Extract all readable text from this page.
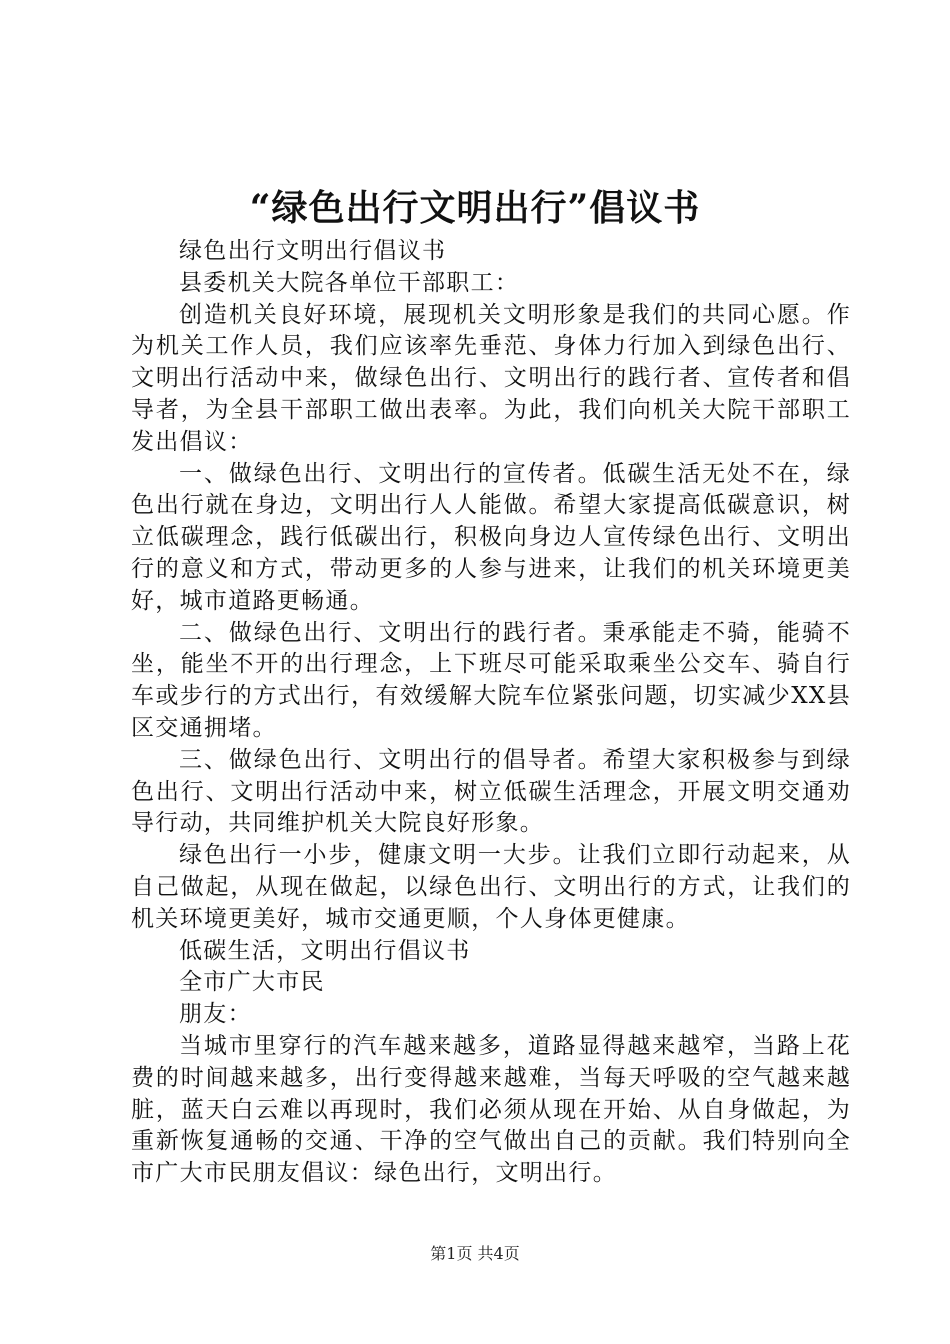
“绿色出行文明出行”倡议书

绿色出行文明出行倡议书

县委机关大院各单位干部职工：

创造机关良好环境，展现机关文明形象是我们的共同心愿。作为机关工作人员，我们应该率先垂范、身体力行加入到绿色出行、文明出行活动中来，做绿色出行、文明出行的践行者、宣传者和倡导者，为全县干部职工做出表率。为此，我们向机关大院干部职工发出倡议：

一、做绿色出行、文明出行的宣传者。低碳生活无处不在，绿色出行就在身边，文明出行人人能做。希望大家提高低碳意识，树立低碳理念，践行低碳出行，积极向身边人宣传绿色出行、文明出行的意义和方式，带动更多的人参与进来，让我们的机关环境更美好，城市道路更畅通。

二、做绿色出行、文明出行的践行者。秉承能走不骑，能骑不坐，能坐不开的出行理念，上下班尽可能采取乘坐公交车、骑自行车或步行的方式出行，有效缓解大院车位紧张问题，切实减少XX县区交通拥堵。

三、做绿色出行、文明出行的倡导者。希望大家积极参与到绿色出行、文明出行活动中来，树立低碳生活理念，开展文明交通劝导行动，共同维护机关大院良好形象。

绿色出行一小步，健康文明一大步。让我们立即行动起来，从自己做起，从现在做起，以绿色出行、文明出行的方式，让我们的机关环境更美好，城市交通更顺，个人身体更健康。

低碳生活，文明出行倡议书

全市广大市民

朋友：

当城市里穿行的汽车越来越多，道路显得越来越窄，当路上花费的时间越来越多，出行变得越来越难，当每天呼吸的空气越来越脏，蓝天白云难以再现时，我们必须从现在开始、从自身做起，为重新恢复通畅的交通、干净的空气做出自己的贡献。我们特别向全市广大市民朋友倡议：绿色出行，文明出行。

第1页 共4页
